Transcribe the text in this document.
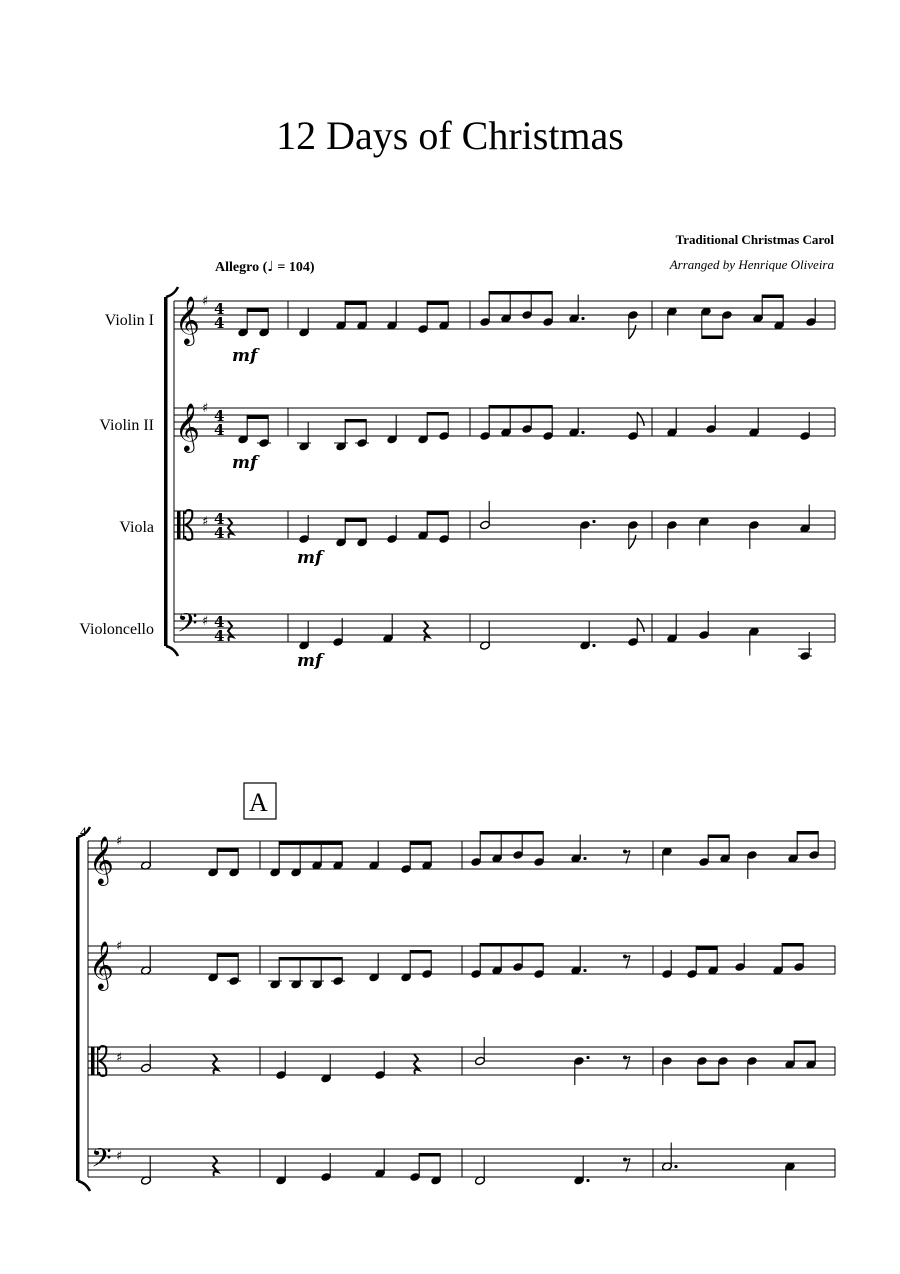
12 Days of Christmas
Traditional Christmas Carol
Arranged by Henrique Oliveira
Allegro (♩ = 104)
Violin I
Violin II
Viola
Violoncello
𝄞
𝄞
𝄢
♯
♯
♯
♯
4
4
4
4
4
4
4
4
mf
mf
mf
mf
𝄞
𝄞
𝄢
♯
♯
♯
♯
4
A
